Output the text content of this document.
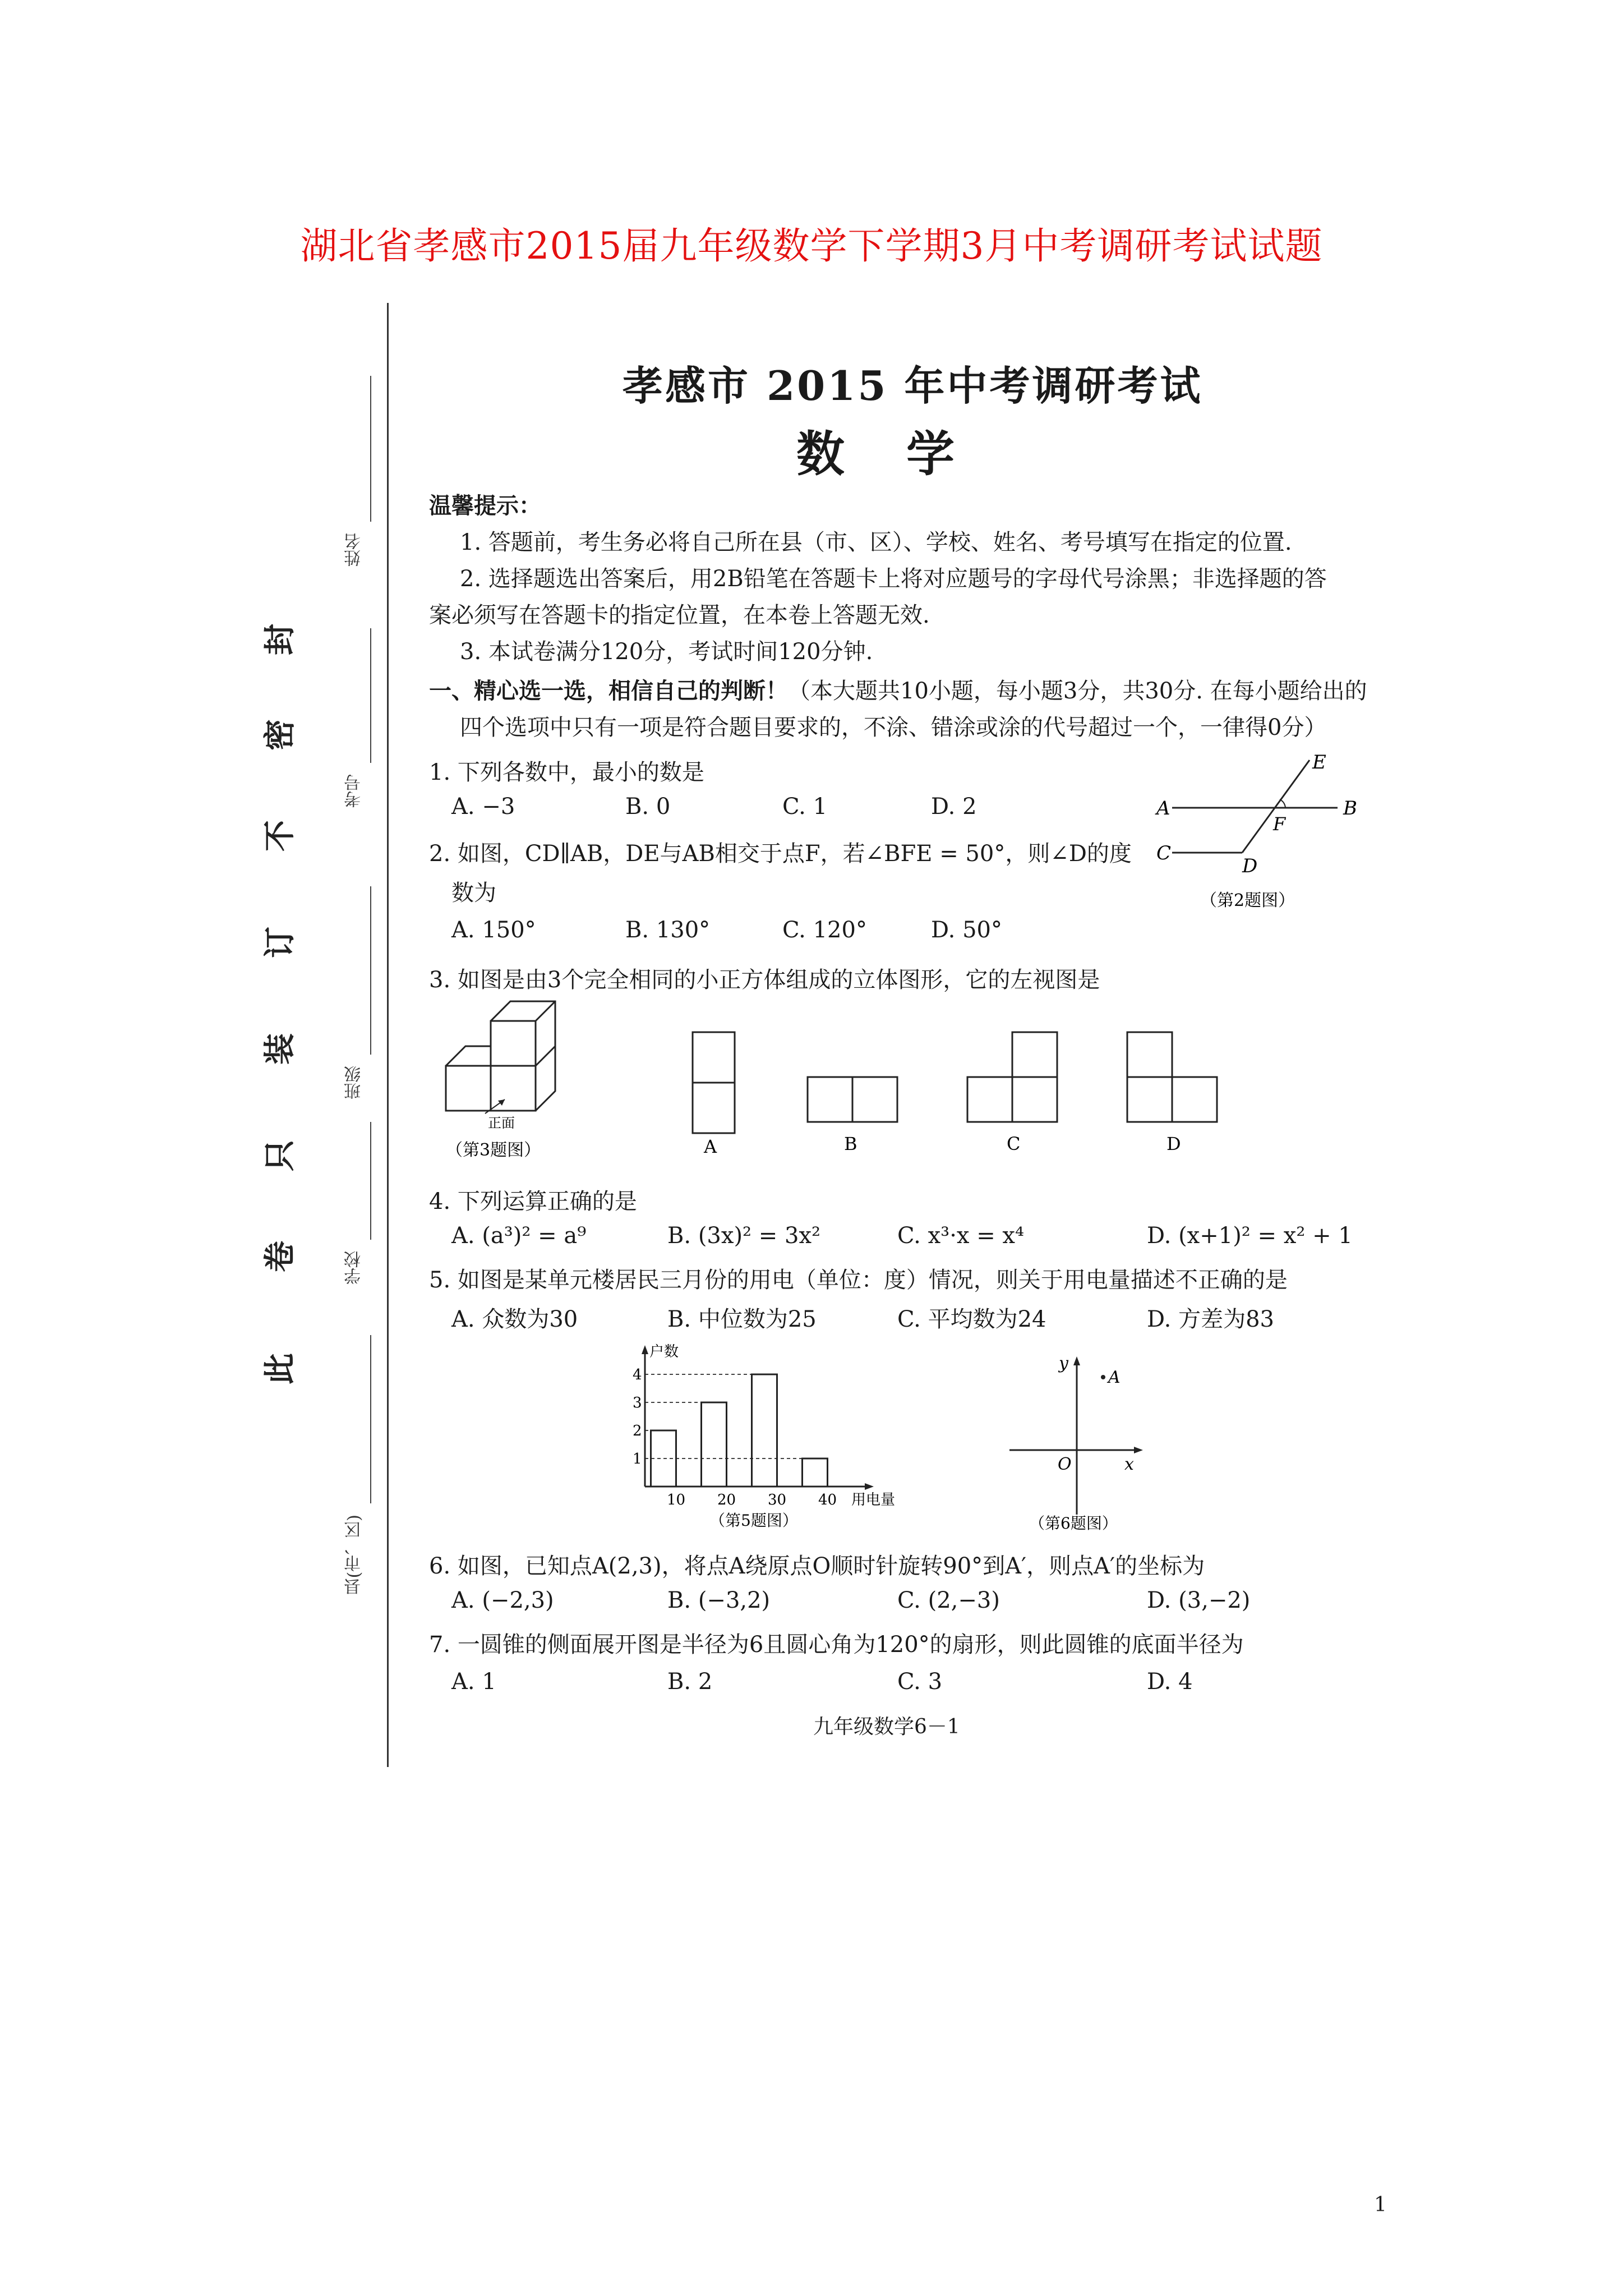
湖北省孝感市2015届九年级数学下学期3月中考调研考试试题
此
卷
只
装
订
不
密
封
姓名
考号
班级
学校
县(市、区)
孝感市 2015 年中考调研考试
数学
温馨提示：
1. 答题前，考生务必将自己所在县（市、区）、学校、姓名、考号填写在指定的位置.
2. 选择题选出答案后，用2B铅笔在答题卡上将对应题号的字母代号涂黑；非选择题的答
案必须写在答题卡的指定位置，在本卷上答题无效.
3. 本试卷满分120分，考试时间120分钟.
一、精心选一选，相信自己的判断！（本大题共10小题，每小题3分，共30分. 在每小题给出的
四个选项中只有一项是符合题目要求的，不涂、错涂或涂的代号超过一个，一律得0分）
1. 下列各数中，最小的数是
A. −3	B. 0	C. 1	D. 2	A	B
C
D
E
F
（第2题图）
2. 如图，CD∥AB，DE与AB相交于点F，若∠BFE = 50°，则∠D的度
数为
A. 150°	B. 130°	C. 120°	D. 50°
3. 如图是由3个完全相同的小正方体组成的立体图形，它的左视图是
正面
（第3题图）	A	B	C	D
4. 下列运算正确的是
A. (a³)² = a⁹	B. (3x)² = 3x²	C. x³·x = x⁴	D. (x+1)² = x² + 1
5. 如图是某单元楼居民三月份的用电（单位：度）情况，则关于用电量描述不正确的是
A. 众数为30	B. 中位数为25	C. 平均数为24	D. 方差为83
户数
用电量
10 20 30 40
1
2
3
4
（第5题图）
y
A
O	x
（第6题图）
6. 如图，已知点A(2,3)，将点A绕原点O顺时针旋转90°到A′，则点A′的坐标为
A. (−2,3)	B. (−3,2)	C. (2,−3)	D. (3,−2)
7. 一圆锥的侧面展开图是半径为6且圆心角为120°的扇形，则此圆锥的底面半径为
A. 1	B. 2	C. 3	D. 4
九年级数学6－1
1
